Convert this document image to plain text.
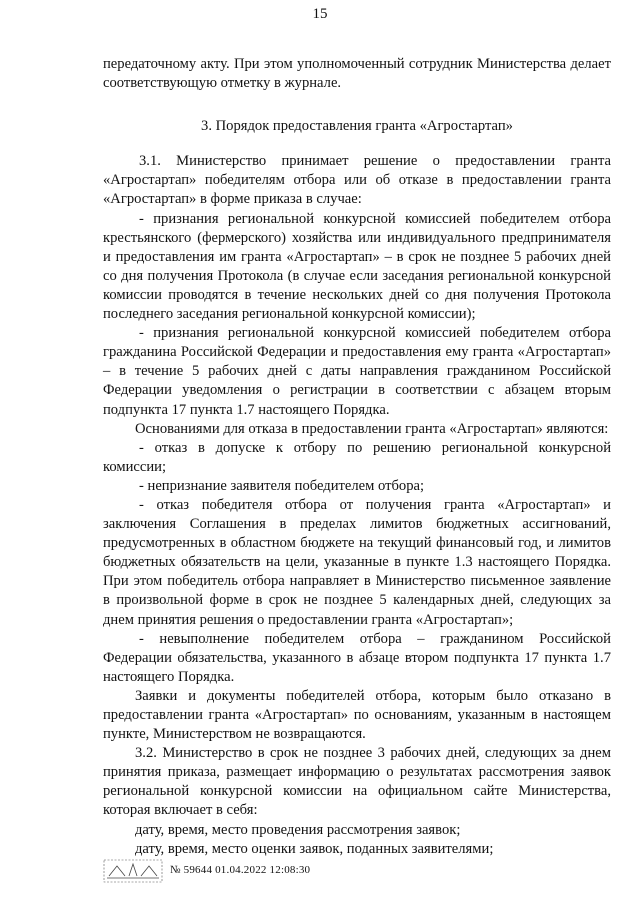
15

передаточному акту. При этом уполномоченный сотрудник Министерства делает соответствующую отметку в журнале.

3. Порядок предоставления гранта «Агростартап»

3.1. Министерство принимает решение о предоставлении гранта «Агростартап» победителям отбора или об отказе в предоставлении гранта «Агростартап» в форме приказа в случае:

- признания региональной конкурсной комиссией победителем отбора крестьянского (фермерского) хозяйства или индивидуального предпринимателя и предоставления им гранта «Агростартап» – в срок не позднее 5 рабочих дней со дня получения Протокола (в случае если заседания региональной конкурсной комиссии проводятся в течение нескольких дней со дня получения Протокола последнего заседания региональной конкурсной комиссии);

- признания региональной конкурсной комиссией победителем отбора гражданина Российской Федерации и предоставления ему гранта «Агростартап» – в течение 5 рабочих дней с даты направления гражданином Российской Федерации уведомления о регистрации в соответствии с абзацем вторым подпункта 17 пункта 1.7 настоящего Порядка.

Основаниями для отказа в предоставлении гранта «Агростартап» являются:

- отказ в допуске к отбору по решению региональной конкурсной комиссии;

- непризнание заявителя победителем отбора;

- отказ победителя отбора от получения гранта «Агростартап» и заключения Соглашения в пределах лимитов бюджетных ассигнований, предусмотренных в областном бюджете на текущий финансовый год, и лимитов бюджетных обязательств на цели, указанные в пункте 1.3 настоящего Порядка. При этом победитель отбора направляет в Министерство письменное заявление в произвольной форме в срок не позднее 5 календарных дней, следующих за днем принятия решения о предоставлении гранта «Агростартап»;

- невыполнение победителем отбора – гражданином Российской Федерации обязательства, указанного в абзаце втором подпункта 17 пункта 1.7 настоящего Порядка.

Заявки и документы победителей отбора, которым было отказано в предоставлении гранта «Агростартап» по основаниям, указанным в настоящем пункте, Министерством не возвращаются.

3.2. Министерство в срок не позднее 3 рабочих дней, следующих за днем принятия приказа, размещает информацию о результатах рассмотрения заявок региональной конкурсной комиссии на официальном сайте Министерства, которая включает в себя:

дату, время, место проведения рассмотрения заявок;

дату, время, место оценки заявок, поданных заявителями;

№ 59644 01.04.2022 12:08:30
